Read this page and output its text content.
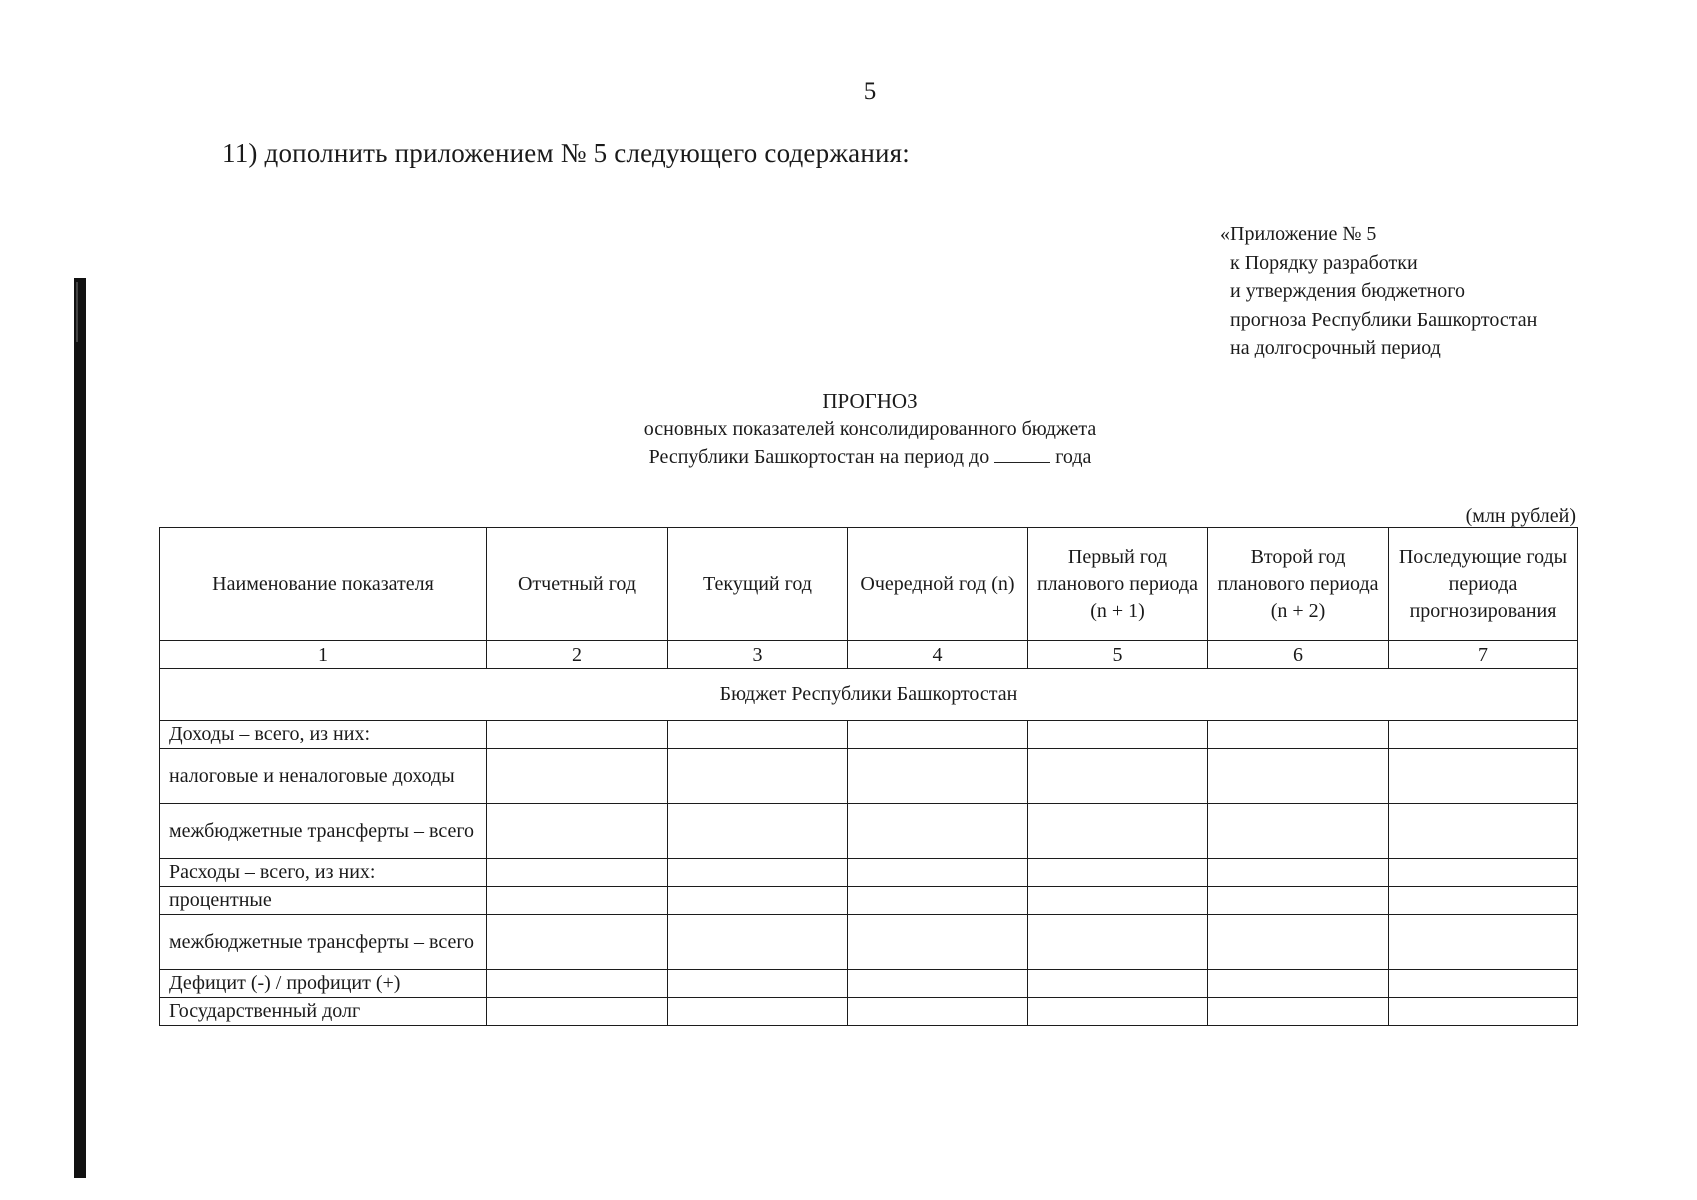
5
11) дополнить приложением № 5 следующего содержания:
«Приложение № 5
к Порядку разработки
и утверждения бюджетного
прогноза Республики Башкортостан
на долгосрочный период
ПРОГНОЗ
основных показателей консолидированного бюджета
Республики Башкортостан на период до	года
(млн рублей)
Наименование показателя	Отчетный год	Текущий год	Очередной год (n)	Первый год планового периода (n + 1)	Второй год планового периода (n + 2)	Последующие годы периода прогнозирования
1	2	3	4	5	6	7
Бюджет Республики Башкортостан						
Доходы – всего, из них:						
налоговые и неналоговые доходы						
межбюджетные трансферты – всего						
Расходы – всего, из них:						
процентные						
межбюджетные трансферты – всего						
Дефицит (-) / профицит (+)						
Государственный долг						
